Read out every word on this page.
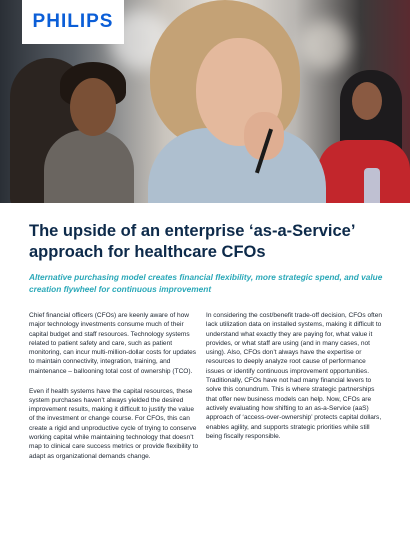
PHILIPS
The upside of an enterprise ‘as-a-Service’ approach for healthcare CFOs

Alternative purchasing model creates financial flexibility, more strategic spend, and value creation flywheel for continuous improvement

Chief financial officers (CFOs) are keenly aware of how major technology investments consume much of their capital budget and staff resources. Technology systems related to patient safety and care, such as patient monitoring, can incur multi-million-dollar costs for updates to maintain connectivity, integration, training, and maintenance – ballooning total cost of ownership (TCO).

Even if health systems have the capital resources, these system purchases haven’t always yielded the desired improvement results, making it difficult to justify the value of the investment or change course. For CFOs, this can create a rigid and unproductive cycle of trying to conserve working capital while maintaining technology that doesn’t map to clinical care success metrics or provide flexibility to adapt as organizational demands change.

In considering the cost/benefit trade-off decision, CFOs often lack utilization data on installed systems, making it difficult to understand what exactly they are paying for, what value it provides, or what staff are using (and in many cases, not using). Also, CFOs don’t always have the expertise or resources to deeply analyze root cause of performance issues or identify continuous improvement opportunities. Traditionally, CFOs have not had many financial levers to solve this conundrum. This is where strategic partnerships that offer new business models can help. Now, CFOs are actively evaluating how shifting to an as-a-Service (aaS) approach of ‘access-over-ownership’ protects capital dollars, enables agility, and supports strategic priorities while still being fiscally responsible.
